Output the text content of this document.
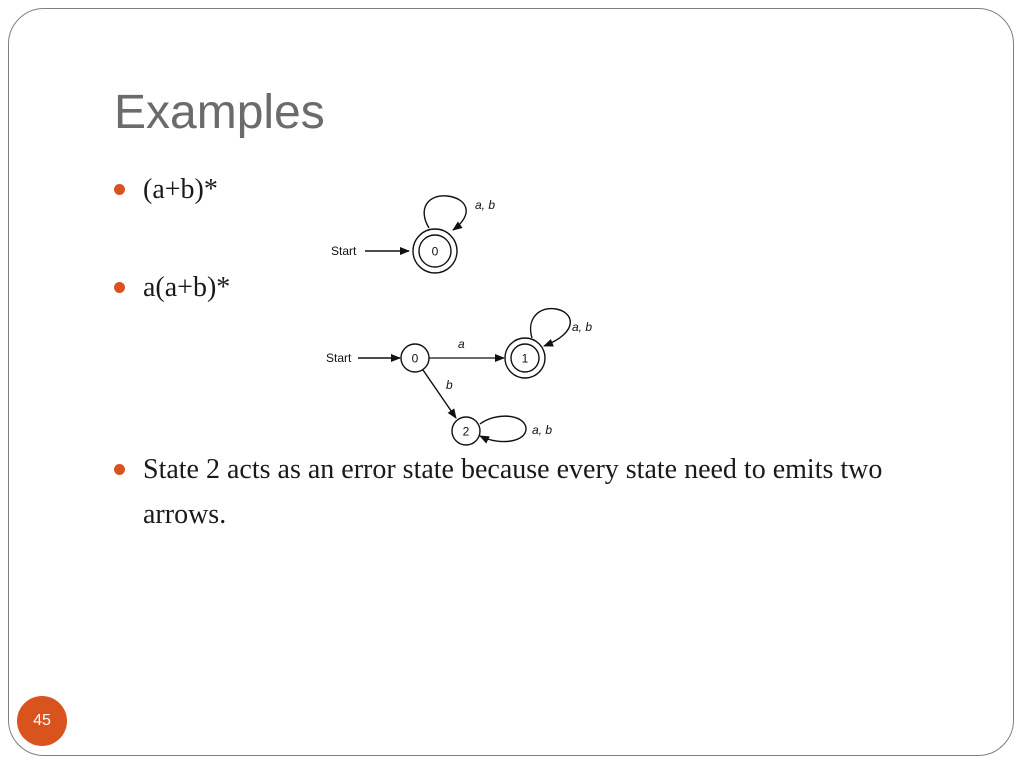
Examples
(a+b)*
Start	0
a, b
a(a+b)*
Start	0
a
1
a, b
b
2	a, b
State 2 acts as an error state because every state need to emits two arrows.
45
